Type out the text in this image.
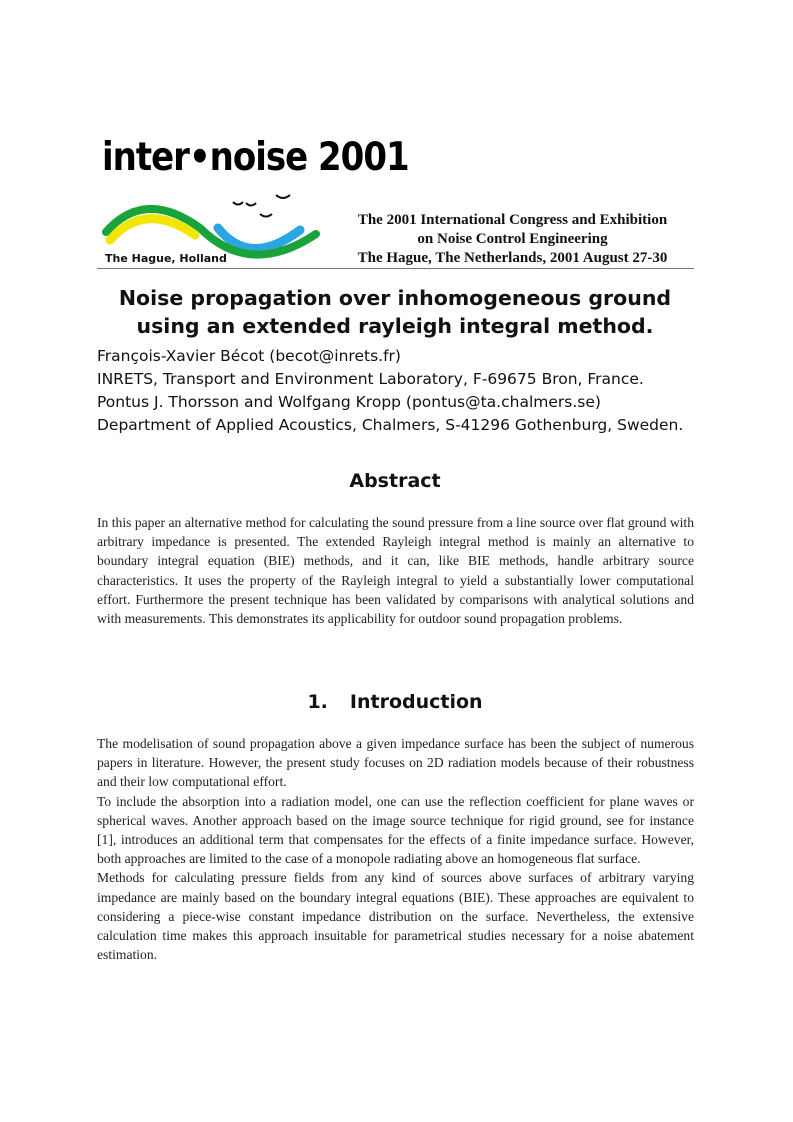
inter•noise 2001
The Hague, Holland
The 2001 International Congress and Exhibition
on Noise Control Engineering
The Hague, The Netherlands, 2001 August 27-30
Noise propagation over inhomogeneous ground using an extended rayleigh integral method.
François-Xavier Bécot (becot@inrets.fr)
INRETS, Transport and Environment Laboratory, F-69675 Bron, France.
Pontus J. Thorsson and Wolfgang Kropp (pontus@ta.chalmers.se)
Department of Applied Acoustics, Chalmers, S-41296 Gothenburg, Sweden.
Abstract

In this paper an alternative method for calculating the sound pressure from a line source over flat ground with arbitrary impedance is presented. The extended Rayleigh integral method is mainly an alternative to boundary integral equation (BIE) methods, and it can, like BIE methods, handle arbitrary source characteristics. It uses the property of the Rayleigh integral to yield a substantially lower computational effort. Furthermore the present technique has been validated by comparisons with analytical solutions and with measurements. This demonstrates its applicability for outdoor sound propagation problems.

1. Introduction

The modelisation of sound propagation above a given impedance surface has been the subject of numerous papers in literature. However, the present study focuses on 2D radiation models because of their robustness and their low computational effort.

To include the absorption into a radiation model, one can use the reflection coefficient for plane waves or spherical waves. Another approach based on the image source technique for rigid ground, see for instance [1], introduces an additional term that compensates for the effects of a finite impedance surface. However, both approaches are limited to the case of a monopole radiating above an homogeneous flat surface.

Methods for calculating pressure fields from any kind of sources above surfaces of arbitrary varying impedance are mainly based on the boundary integral equations (BIE). These approaches are equivalent to considering a piece-wise constant impedance distribution on the surface. Nevertheless, the extensive calculation time makes this approach insuitable for parametrical studies necessary for a noise abatement estimation.
